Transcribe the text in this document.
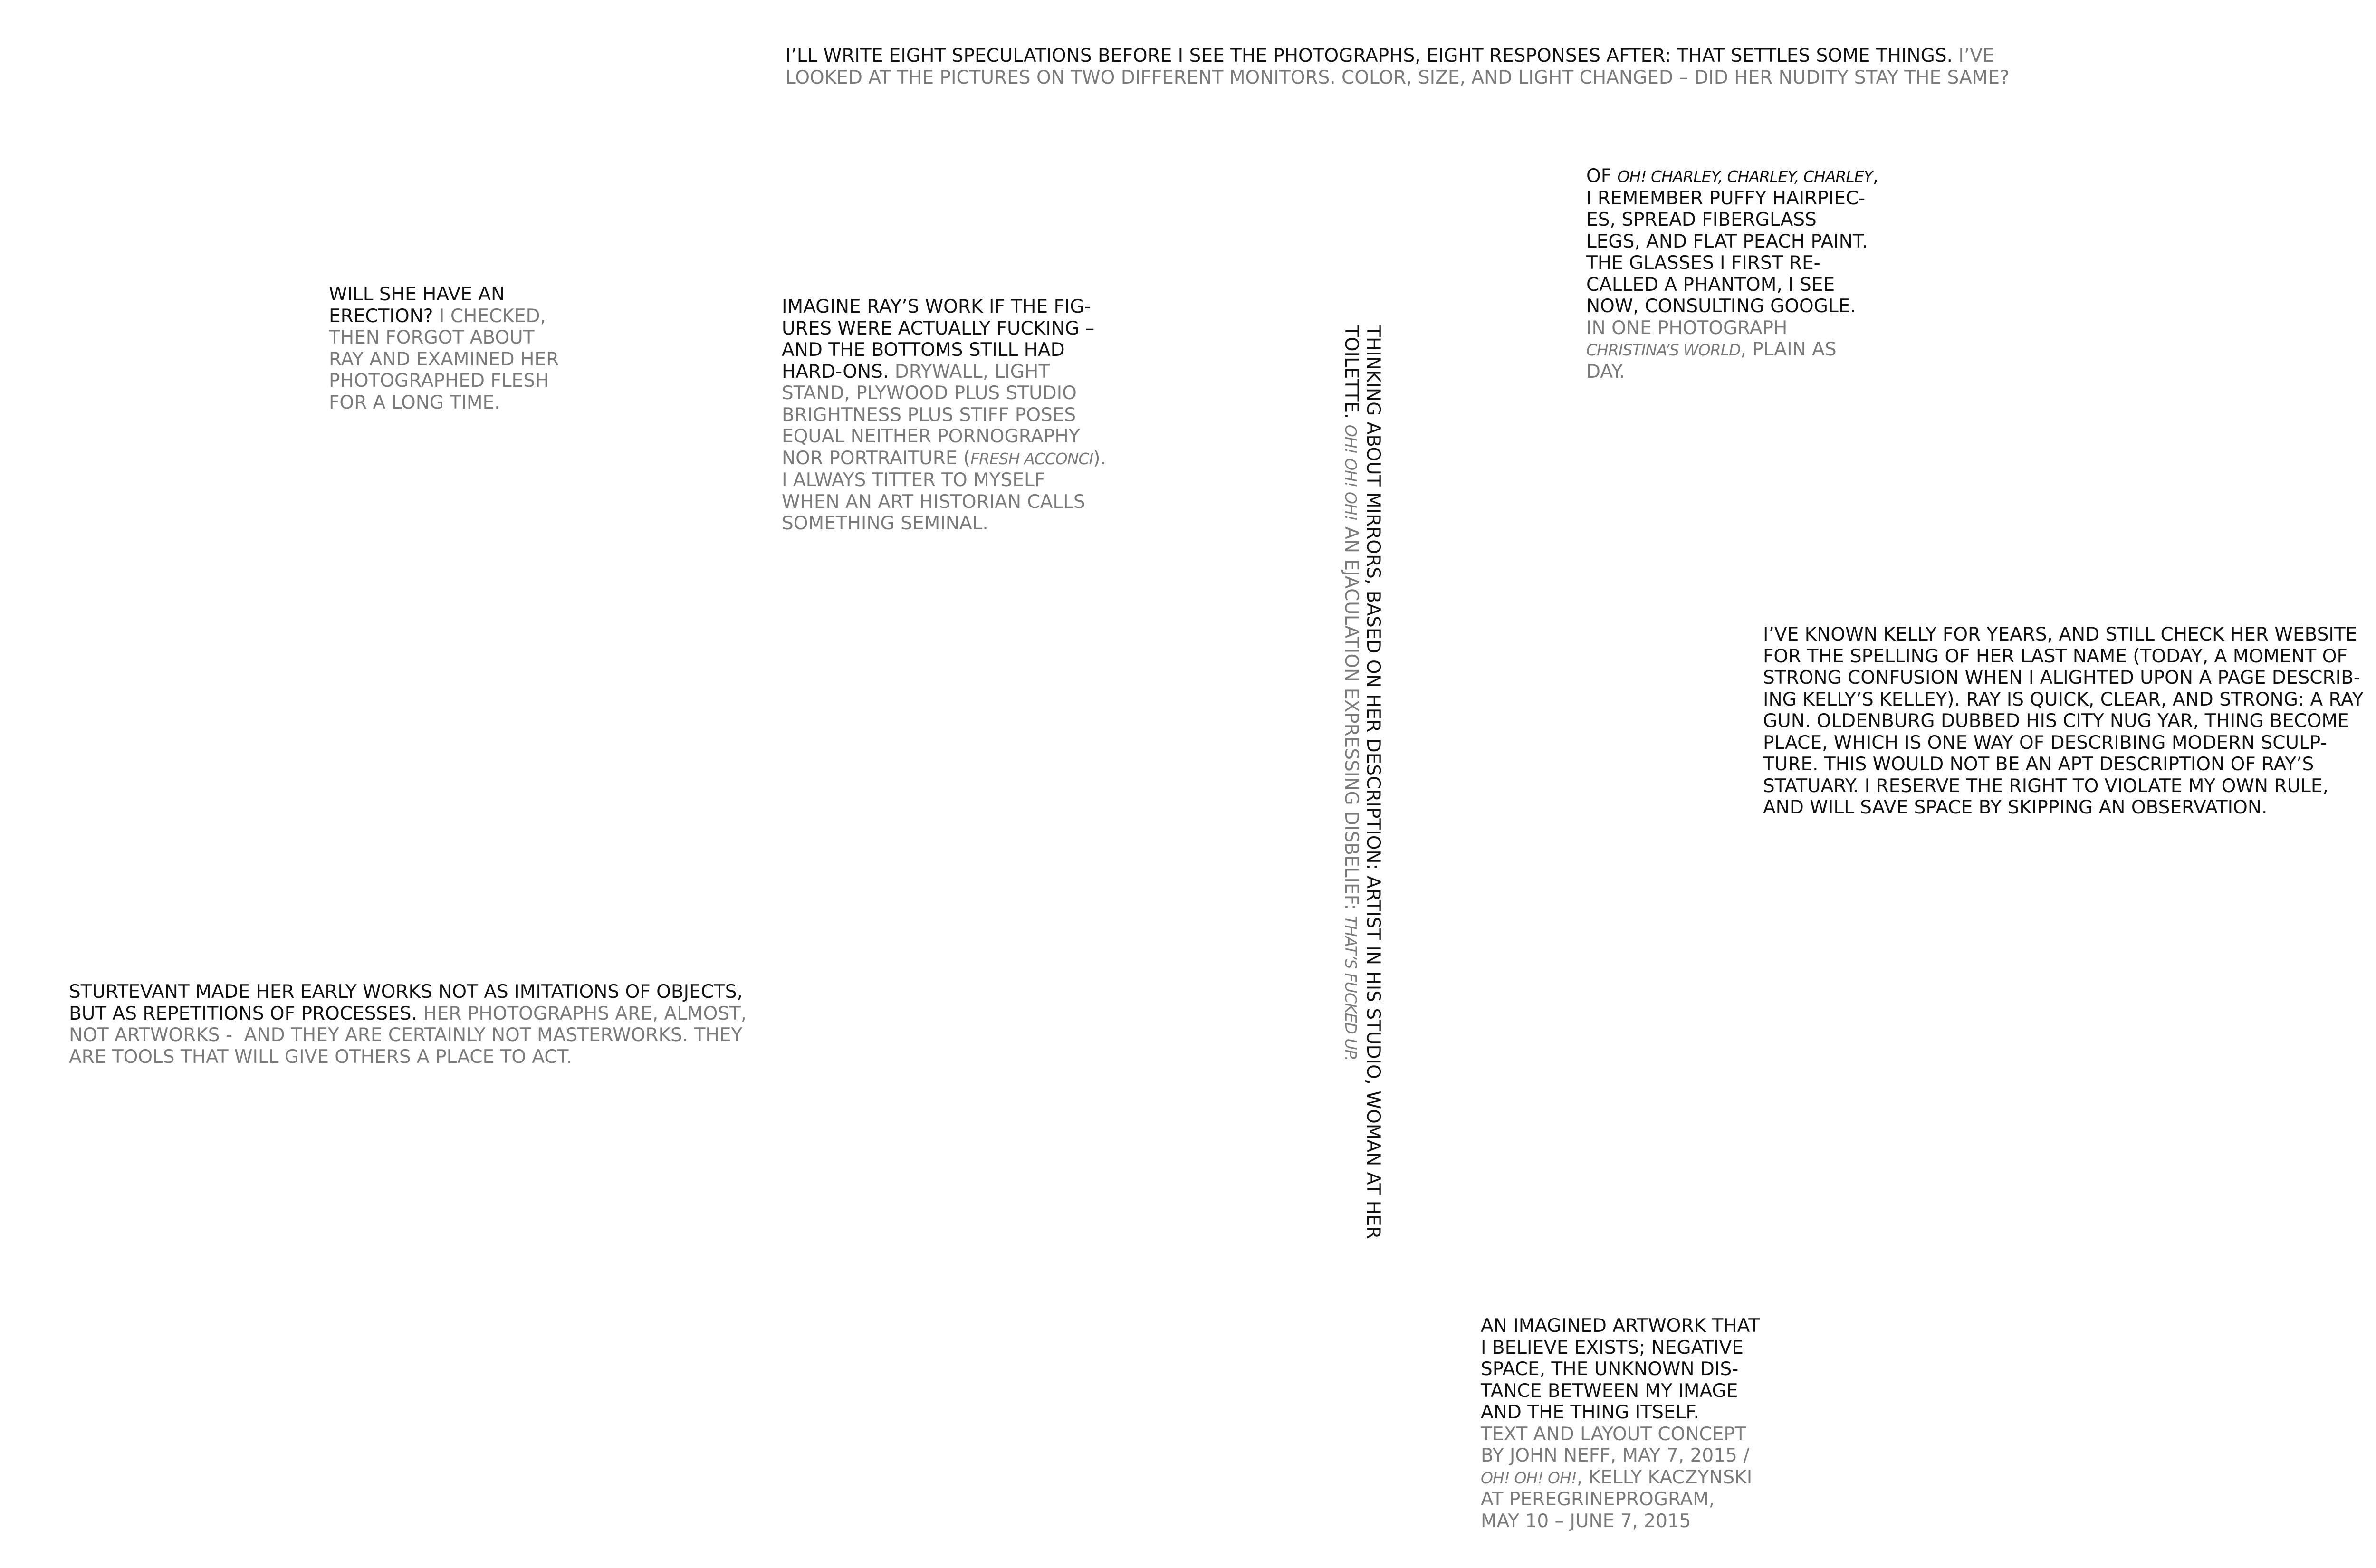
I’LL WRITE EIGHT SPECULATIONS BEFORE I SEE THE PHOTOGRAPHS, EIGHT RESPONSES AFTER: THAT SETTLES SOME THINGS. I’VE
LOOKED AT THE PICTURES ON TWO DIFFERENT MONITORS. COLOR, SIZE, AND LIGHT CHANGED – DID HER NUDITY STAY THE SAME?
WILL SHE HAVE AN
ERECTION? I CHECKED,
THEN FORGOT ABOUT
RAY AND EXAMINED HER
PHOTOGRAPHED FLESH
FOR A LONG TIME.
IMAGINE RAY’S WORK IF THE FIG-
URES WERE ACTUALLY FUCKING –
AND THE BOTTOMS STILL HAD
HARD-ONS. DRYWALL, LIGHT
STAND, PLYWOOD PLUS STUDIO
BRIGHTNESS PLUS STIFF POSES
EQUAL NEITHER PORNOGRAPHY
NOR PORTRAITURE (FRESH ACCONCI).
I ALWAYS TITTER TO MYSELF
WHEN AN ART HISTORIAN CALLS
SOMETHING SEMINAL.	THINKING ABOUT MIRRORS, BASED ON HER DESCRIPTION: ARTIST IN HIS STUDIO, WOMAN AT HER
TOILETTE. OH! OH! OH! AN EJACULATION EXPRESSING DISBELIEF: THAT’S FUCKED UP.
OF OH! CHARLEY, CHARLEY, CHARLEY,
I REMEMBER PUFFY HAIRPIEC-
ES, SPREAD FIBERGLASS
LEGS, AND FLAT PEACH PAINT.
THE GLASSES I FIRST RE-
CALLED A PHANTOM, I SEE
NOW, CONSULTING GOOGLE.
IN ONE PHOTOGRAPH
CHRISTINA’S WORLD, PLAIN AS
DAY.
I’VE KNOWN KELLY FOR YEARS, AND STILL CHECK HER WEBSITE
FOR THE SPELLING OF HER LAST NAME (TODAY, A MOMENT OF
STRONG CONFUSION WHEN I ALIGHTED UPON A PAGE DESCRIB-
ING KELLY’S KELLEY). RAY IS QUICK, CLEAR, AND STRONG: A RAY
GUN. OLDENBURG DUBBED HIS CITY NUG YAR, THING BECOME
PLACE, WHICH IS ONE WAY OF DESCRIBING MODERN SCULP-
TURE. THIS WOULD NOT BE AN APT DESCRIPTION OF RAY’S
STATUARY. I RESERVE THE RIGHT TO VIOLATE MY OWN RULE,
AND WILL SAVE SPACE BY SKIPPING AN OBSERVATION.
STURTEVANT MADE HER EARLY WORKS NOT AS IMITATIONS OF OBJECTS,
BUT AS REPETITIONS OF PROCESSES. HER PHOTOGRAPHS ARE, ALMOST,
NOT ARTWORKS -  AND THEY ARE CERTAINLY NOT MASTERWORKS. THEY
ARE TOOLS THAT WILL GIVE OTHERS A PLACE TO ACT.
AN IMAGINED ARTWORK THAT
I BELIEVE EXISTS; NEGATIVE
SPACE, THE UNKNOWN DIS-
TANCE BETWEEN MY IMAGE
AND THE THING ITSELF.
TEXT AND LAYOUT CONCEPT
BY JOHN NEFF, MAY 7, 2015 /
OH! OH! OH!, KELLY KACZYNSKI
AT PEREGRINEPROGRAM,
MAY 10 – JUNE 7, 2015
